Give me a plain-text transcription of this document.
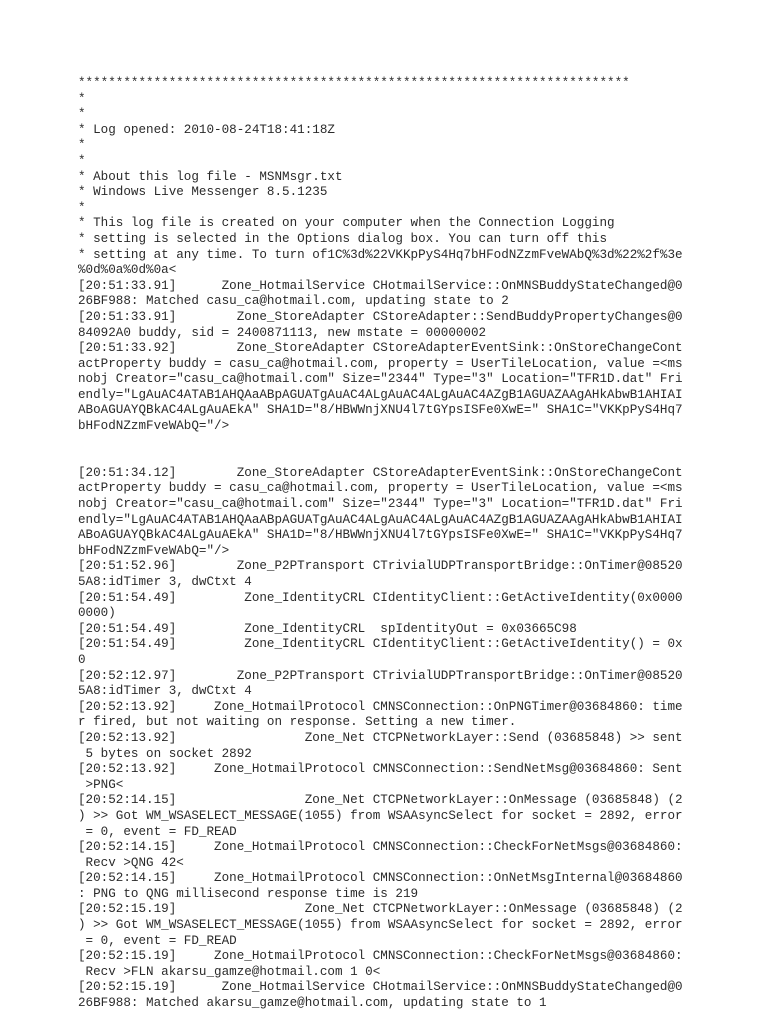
*************************************************************************
*
*
* Log opened: 2010-08-24T18:41:18Z
*
*
* About this log file - MSNMsgr.txt
* Windows Live Messenger 8.5.1235
*
* This log file is created on your computer when the Connection Logging
* setting is selected in the Options dialog box. You can turn off this
* setting at any time. To turn of1C%3d%22VKKpPyS4Hq7bHFodNZzmFveWAbQ%3d%22%2f%3e
%0d%0a%0d%0a<
[20:51:33.91]      Zone_HotmailService CHotmailService::OnMNSBuddyStateChanged@0
26BF988: Matched casu_ca@hotmail.com, updating state to 2
[20:51:33.91]        Zone_StoreAdapter CStoreAdapter::SendBuddyPropertyChanges@0
84092A0 buddy, sid = 2400871113, new mstate = 00000002
[20:51:33.92]        Zone_StoreAdapter CStoreAdapterEventSink::OnStoreChangeCont
actProperty buddy = casu_ca@hotmail.com, property = UserTileLocation, value =<ms
nobj Creator="casu_ca@hotmail.com" Size="2344" Type="3" Location="TFR1D.dat" Fri
endly="LgAuAC4ATAB1AHQAaABpAGUATgAuAC4ALgAuAC4ALgAuAC4AZgB1AGUAZAAgAHkAbwB1AHIAI
ABoAGUAYQBkAC4ALgAuAEkA" SHA1D="8/HBWWnjXNU4l7tGYpsISFe0XwE=" SHA1C="VKKpPyS4Hq7
bHFodNZzmFveWAbQ="/>
[20:51:34.12]        Zone_StoreAdapter CStoreAdapterEventSink::OnStoreChangeCont
actProperty buddy = casu_ca@hotmail.com, property = UserTileLocation, value =<ms
nobj Creator="casu_ca@hotmail.com" Size="2344" Type="3" Location="TFR1D.dat" Fri
endly="LgAuAC4ATAB1AHQAaABpAGUATgAuAC4ALgAuAC4ALgAuAC4AZgB1AGUAZAAgAHkAbwB1AHIAI
ABoAGUAYQBkAC4ALgAuAEkA" SHA1D="8/HBWWnjXNU4l7tGYpsISFe0XwE=" SHA1C="VKKpPyS4Hq7
bHFodNZzmFveWAbQ="/>
[20:51:52.96]        Zone_P2PTransport CTrivialUDPTransportBridge::OnTimer@08520
5A8:idTimer 3, dwCtxt 4
[20:51:54.49]         Zone_IdentityCRL CIdentityClient::GetActiveIdentity(0x0000
0000)
[20:51:54.49]         Zone_IdentityCRL  spIdentityOut = 0x03665C98
[20:51:54.49]         Zone_IdentityCRL CIdentityClient::GetActiveIdentity() = 0x
0
[20:52:12.97]        Zone_P2PTransport CTrivialUDPTransportBridge::OnTimer@08520
5A8:idTimer 3, dwCtxt 4
[20:52:13.92]     Zone_HotmailProtocol CMNSConnection::OnPNGTimer@03684860: time
r fired, but not waiting on response. Setting a new timer.
[20:52:13.92]                 Zone_Net CTCPNetworkLayer::Send (03685848) >> sent
5 bytes on socket 2892
[20:52:13.92]     Zone_HotmailProtocol CMNSConnection::SendNetMsg@03684860: Sent
>PNG<
[20:52:14.15]                 Zone_Net CTCPNetworkLayer::OnMessage (03685848) (2
) >> Got WM_WSASELECT_MESSAGE(1055) from WSAAsyncSelect for socket = 2892, error
= 0, event = FD_READ
[20:52:14.15]     Zone_HotmailProtocol CMNSConnection::CheckForNetMsgs@03684860:
Recv >QNG 42<
[20:52:14.15]     Zone_HotmailProtocol CMNSConnection::OnNetMsgInternal@03684860
: PNG to QNG millisecond response time is 219
[20:52:15.19]                 Zone_Net CTCPNetworkLayer::OnMessage (03685848) (2
) >> Got WM_WSASELECT_MESSAGE(1055) from WSAAsyncSelect for socket = 2892, error
= 0, event = FD_READ
[20:52:15.19]     Zone_HotmailProtocol CMNSConnection::CheckForNetMsgs@03684860:
Recv >FLN akarsu_gamze@hotmail.com 1 0<
[20:52:15.19]      Zone_HotmailService CHotmailService::OnMNSBuddyStateChanged@0
26BF988: Matched akarsu_gamze@hotmail.com, updating state to 1
